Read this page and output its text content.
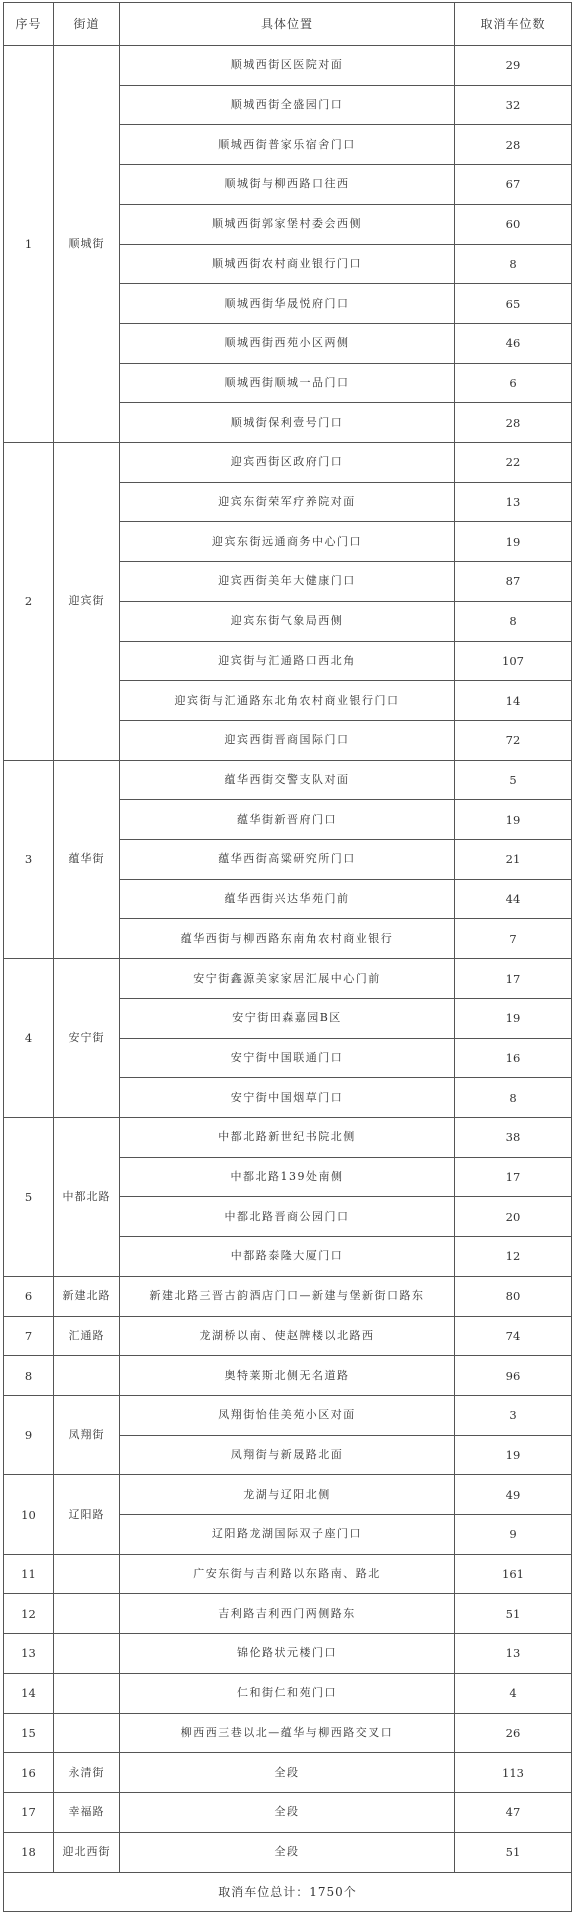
序号	街道	具体位置	取消车位数
1	顺城街	顺城西街区医院对面	29
		顺城西街全盛园门口	32
		顺城西街普家乐宿舍门口	28
		顺城街与柳西路口往西	67
		顺城西街郭家堡村委会西侧	60
		顺城西街农村商业银行门口	8
		顺城西街华晟悦府门口	65
		顺城西街西苑小区两侧	46
		顺城西街顺城一品门口	6
		顺城街保利壹号门口	28
2	迎宾街	迎宾西街区政府门口	22
		迎宾东街荣军疗养院对面	13
		迎宾东街远通商务中心门口	19
		迎宾西街美年大健康门口	87
		迎宾东街气象局西侧	8
		迎宾街与汇通路口西北角	107
		迎宾街与汇通路东北角农村商业银行门口	14
		迎宾西街晋商国际门口	72
3	蕴华街	蕴华西街交警支队对面	5
		蕴华街新晋府门口	19
		蕴华西街高粱研究所门口	21
		蕴华西街兴达华苑门前	44
		蕴华西街与柳西路东南角农村商业银行	7
4	安宁街	安宁街鑫源美家家居汇展中心门前	17
		安宁街田森嘉园B区	19
		安宁街中国联通门口	16
		安宁街中国烟草门口	8
5	中都北路	中都北路新世纪书院北侧	38
		中都北路139处南侧	17
		中都北路晋商公园门口	20
		中都路泰隆大厦门口	12
6	新建北路	新建北路三晋古韵酒店门口—新建与堡新街口路东	80
7	汇通路	龙湖桥以南、使赵牌楼以北路西	74
8		奥特莱斯北侧无名道路	96
9	凤翔街	凤翔街怡佳美苑小区对面	3
		凤翔街与新晟路北面	19
10	辽阳路	龙湖与辽阳北侧	49
		辽阳路龙湖国际双子座门口	9
11		广安东街与吉利路以东路南、路北	161
12		吉利路吉利西门两侧路东	51
13		锦伦路状元楼门口	13
14		仁和街仁和苑门口	4
15		柳西西三巷以北—蕴华与柳西路交叉口	26
16	永清街	全段	113
17	幸福路	全段	47
18	迎北西街	全段	51
取消车位总计：1750个			
